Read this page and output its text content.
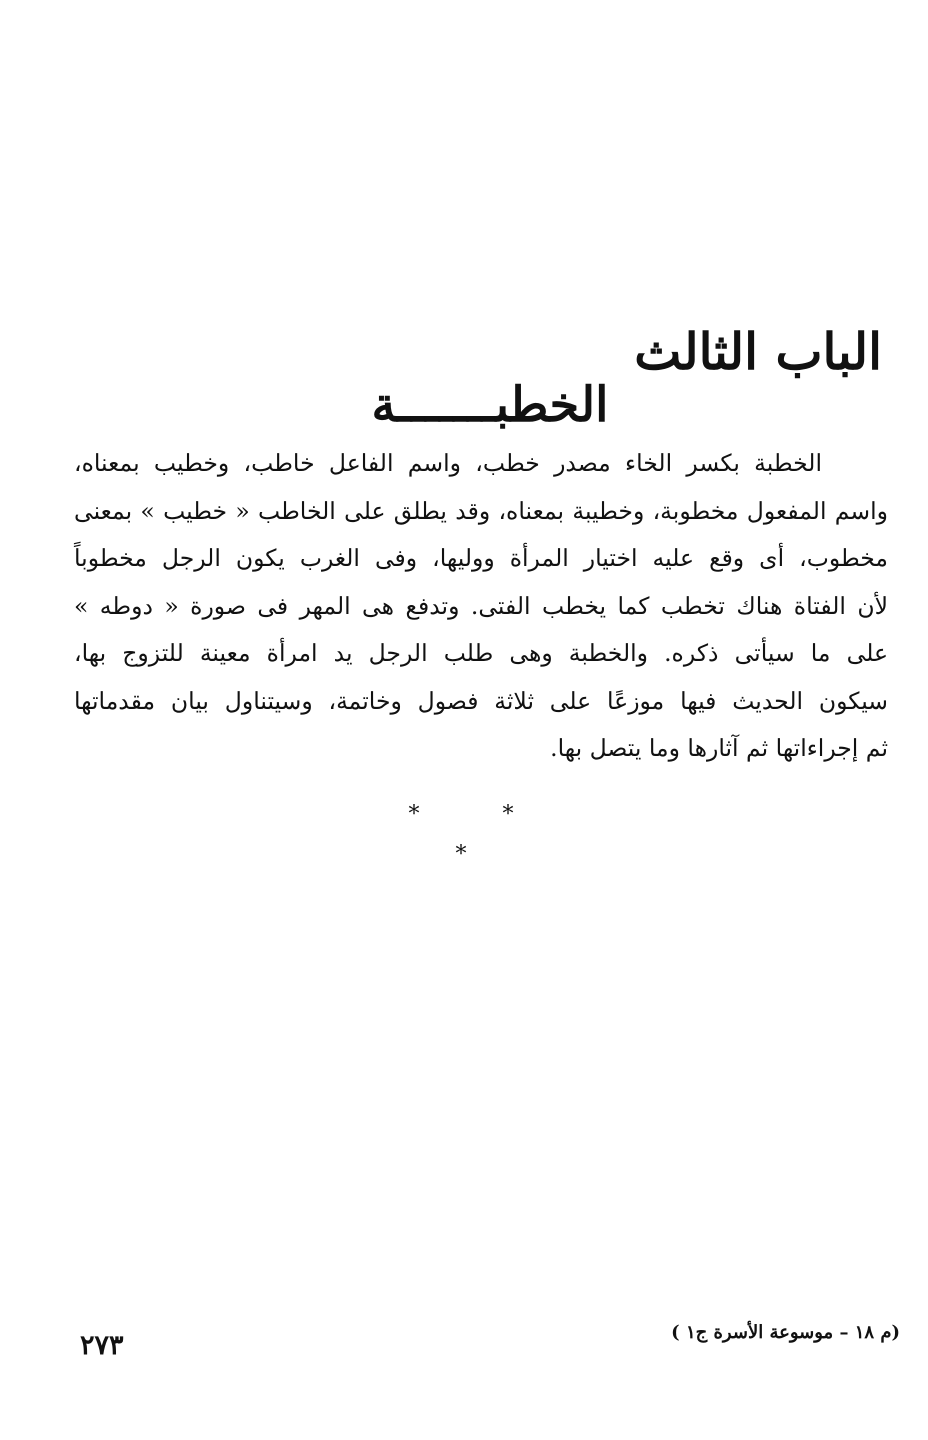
الباب الثالث
الخطبـــــــة
الخطبة بكسر الخاء مصدر خطب، واسم الفاعل خاطب، وخطيب بمعناه،
واسم المفعول مخطوبة، وخطيبة بمعناه، وقد يطلق على الخاطب « خطيب » بمعنى
مخطوب، أى وقع عليه اختيار المرأة ووليها، وفى الغرب يكون الرجل مخطوباً
لأن الفتاة هناك تخطب كما يخطب الفتى. وتدفع هى المهر فى صورة « دوطه »
على ما سيأتى ذكره. والخطبة وهى طلب الرجل يد امرأة معينة للتزوج بها،
سيكون الحديث فيها موزعًا على ثلاثة فصول وخاتمة، وسيتناول بيان مقدماتها
ثم إجراءاتها ثم آثارها وما يتصل بها.
* * *
(م ١٨ – موسوعة الأسرة ج١ )
٢٧٣
